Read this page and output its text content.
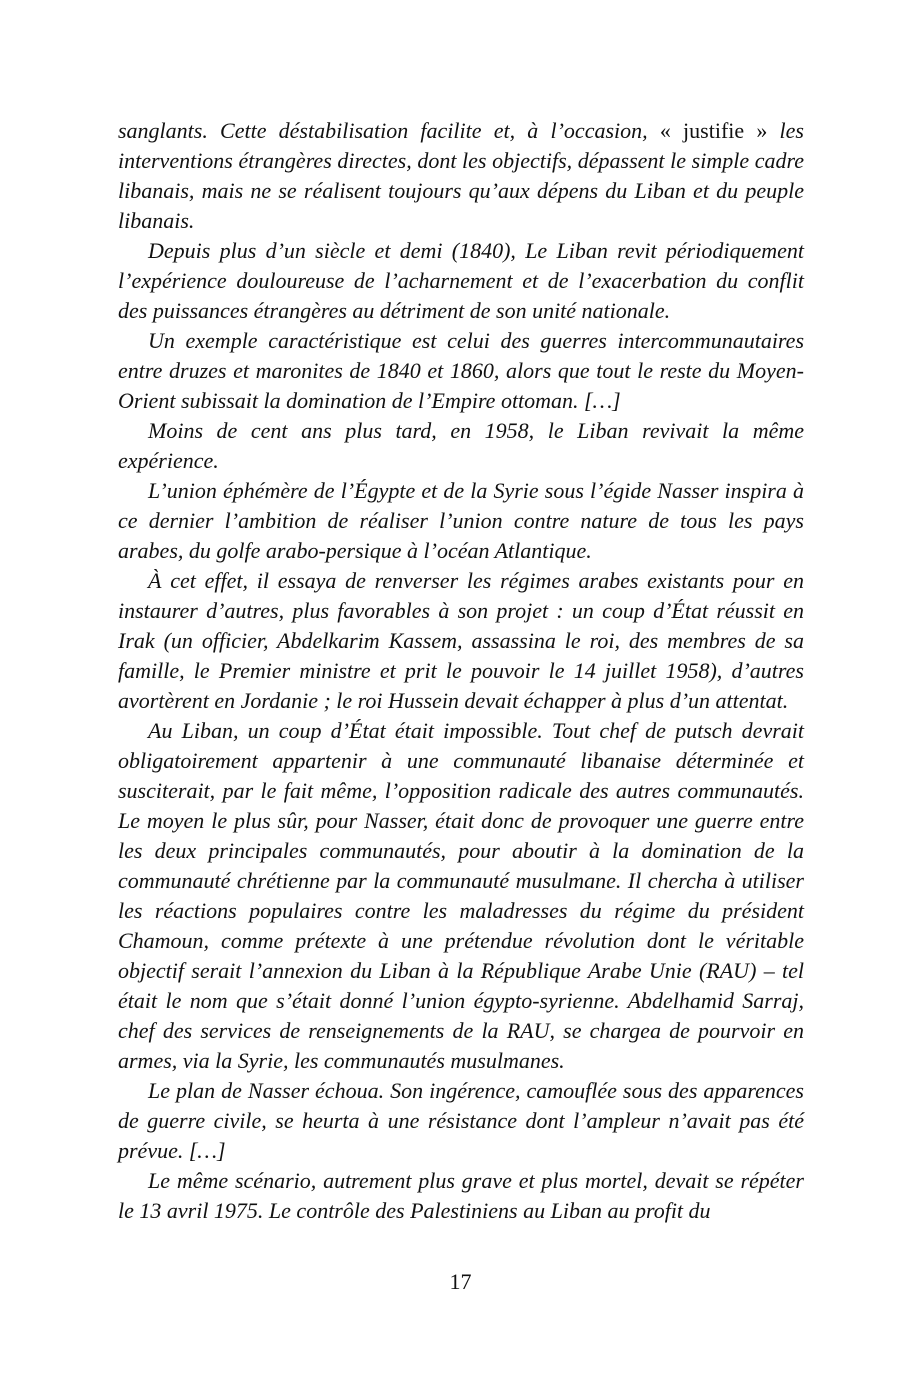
sanglants. Cette déstabilisation facilite et, à l’occasion, « justifie » les interventions étrangères directes, dont les objectifs, dépassent le simple cadre libanais, mais ne se réalisent toujours qu’aux dépens du Liban et du peuple libanais.

Depuis plus d’un siècle et demi (1840), Le Liban revit périodiquement l’expérience douloureuse de l’acharnement et de l’exacerbation du conflit des puissances étrangères au détriment de son unité nationale.

Un exemple caractéristique est celui des guerres intercommunautaires entre druzes et maronites de 1840 et 1860, alors que tout le reste du Moyen-Orient subissait la domination de l’Empire ottoman. […]

Moins de cent ans plus tard, en 1958, le Liban revivait la même expérience.

L’union éphémère de l’Égypte et de la Syrie sous l’égide Nasser inspira à ce dernier l’ambition de réaliser l’union contre nature de tous les pays arabes, du golfe arabo-persique à l’océan Atlantique.

À cet effet, il essaya de renverser les régimes arabes existants pour en instaurer d’autres, plus favorables à son projet : un coup d’État réussit en Irak (un officier, Abdelkarim Kassem, assassina le roi, des membres de sa famille, le Premier ministre et prit le pouvoir le 14 juillet 1958), d’autres avortèrent en Jordanie ; le roi Hussein devait échapper à plus d’un attentat.

Au Liban, un coup d’État était impossible. Tout chef de putsch devrait obligatoirement appartenir à une communauté libanaise déterminée et susciterait, par le fait même, l’opposition radicale des autres communautés. Le moyen le plus sûr, pour Nasser, était donc de provoquer une guerre entre les deux principales communautés, pour aboutir à la domination de la communauté chrétienne par la communauté musulmane. Il chercha à utiliser les réactions populaires contre les maladresses du régime du président Chamoun, comme prétexte à une prétendue révolution dont le véritable objectif serait l’annexion du Liban à la République Arabe Unie (RAU) – tel était le nom que s’était donné l’union égypto-syrienne. Abdelhamid Sarraj, chef des services de renseignements de la RAU, se chargea de pourvoir en armes, via la Syrie, les communautés musulmanes.

Le plan de Nasser échoua. Son ingérence, camouflée sous des apparences de guerre civile, se heurta à une résistance dont l’ampleur n’avait pas été prévue. […]

Le même scénario, autrement plus grave et plus mortel, devait se répéter le 13 avril 1975. Le contrôle des Palestiniens au Liban au profit du

17
